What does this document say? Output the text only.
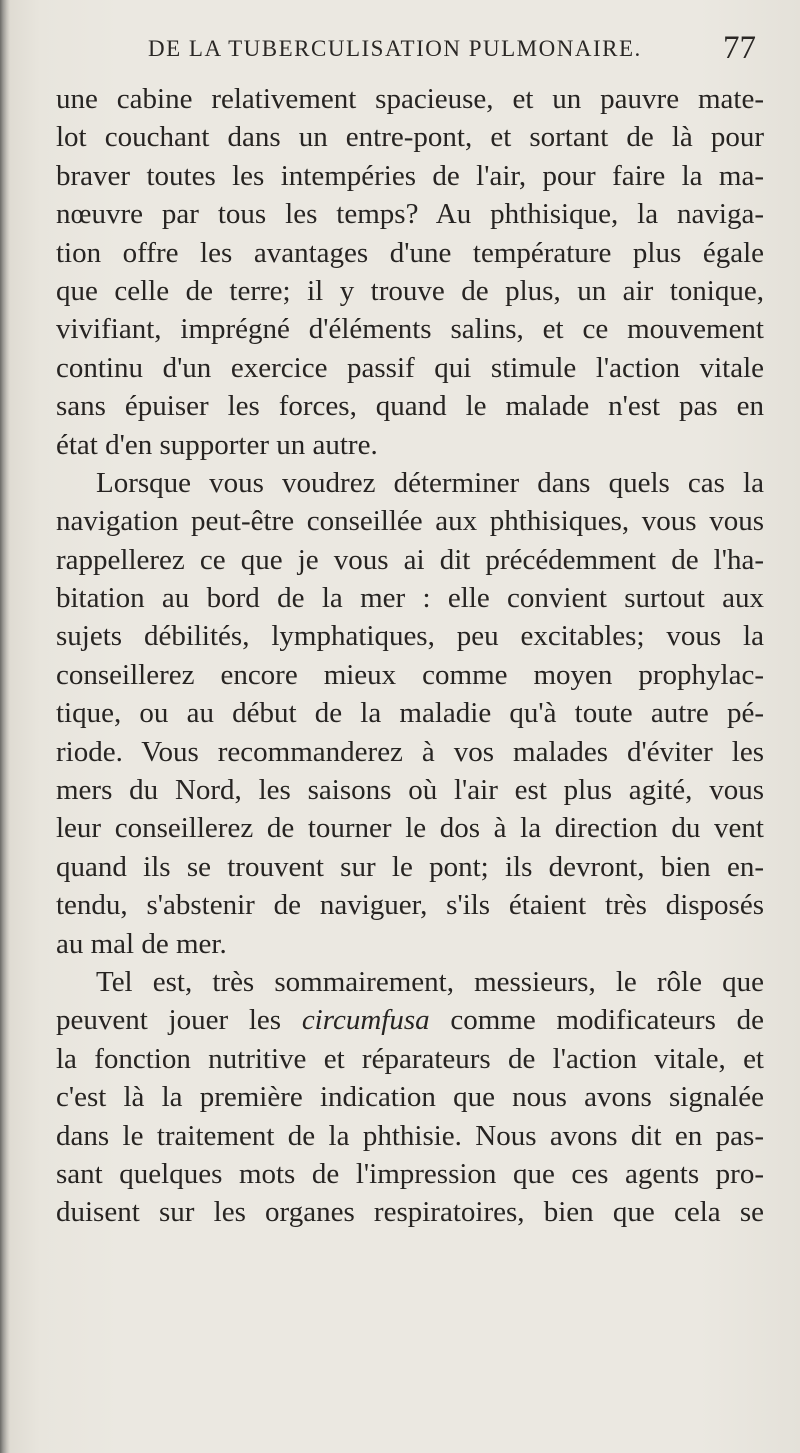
DE LA TUBERCULISATION PULMONAIRE. 77
une cabine relativement spacieuse, et un pauvre mate-
lot couchant dans un entre-pont, et sortant de là pour
braver toutes les intempéries de l'air, pour faire la ma-
nœuvre par tous les temps? Au phthisique, la naviga-
tion offre les avantages d'une température plus égale
que celle de terre; il y trouve de plus, un air tonique,
vivifiant, imprégné d'éléments salins, et ce mouvement
continu d'un exercice passif qui stimule l'action vitale
sans épuiser les forces, quand le malade n'est pas en
état d'en supporter un autre.
Lorsque vous voudrez déterminer dans quels cas la
navigation peut-être conseillée aux phthisiques, vous vous
rappellerez ce que je vous ai dit précédemment de l'ha-
bitation au bord de la mer : elle convient surtout aux
sujets débilités, lymphatiques, peu excitables; vous la
conseillerez encore mieux comme moyen prophylac-
tique, ou au début de la maladie qu'à toute autre pé-
riode. Vous recommanderez à vos malades d'éviter les
mers du Nord, les saisons où l'air est plus agité, vous
leur conseillerez de tourner le dos à la direction du vent
quand ils se trouvent sur le pont; ils devront, bien en-
tendu, s'abstenir de naviguer, s'ils étaient très disposés
au mal de mer.
Tel est, très sommairement, messieurs, le rôle que
peuvent jouer les circumfusa comme modificateurs de
la fonction nutritive et réparateurs de l'action vitale, et
c'est là la première indication que nous avons signalée
dans le traitement de la phthisie. Nous avons dit en pas-
sant quelques mots de l'impression que ces agents pro-
duisent sur les organes respiratoires, bien que cela se
